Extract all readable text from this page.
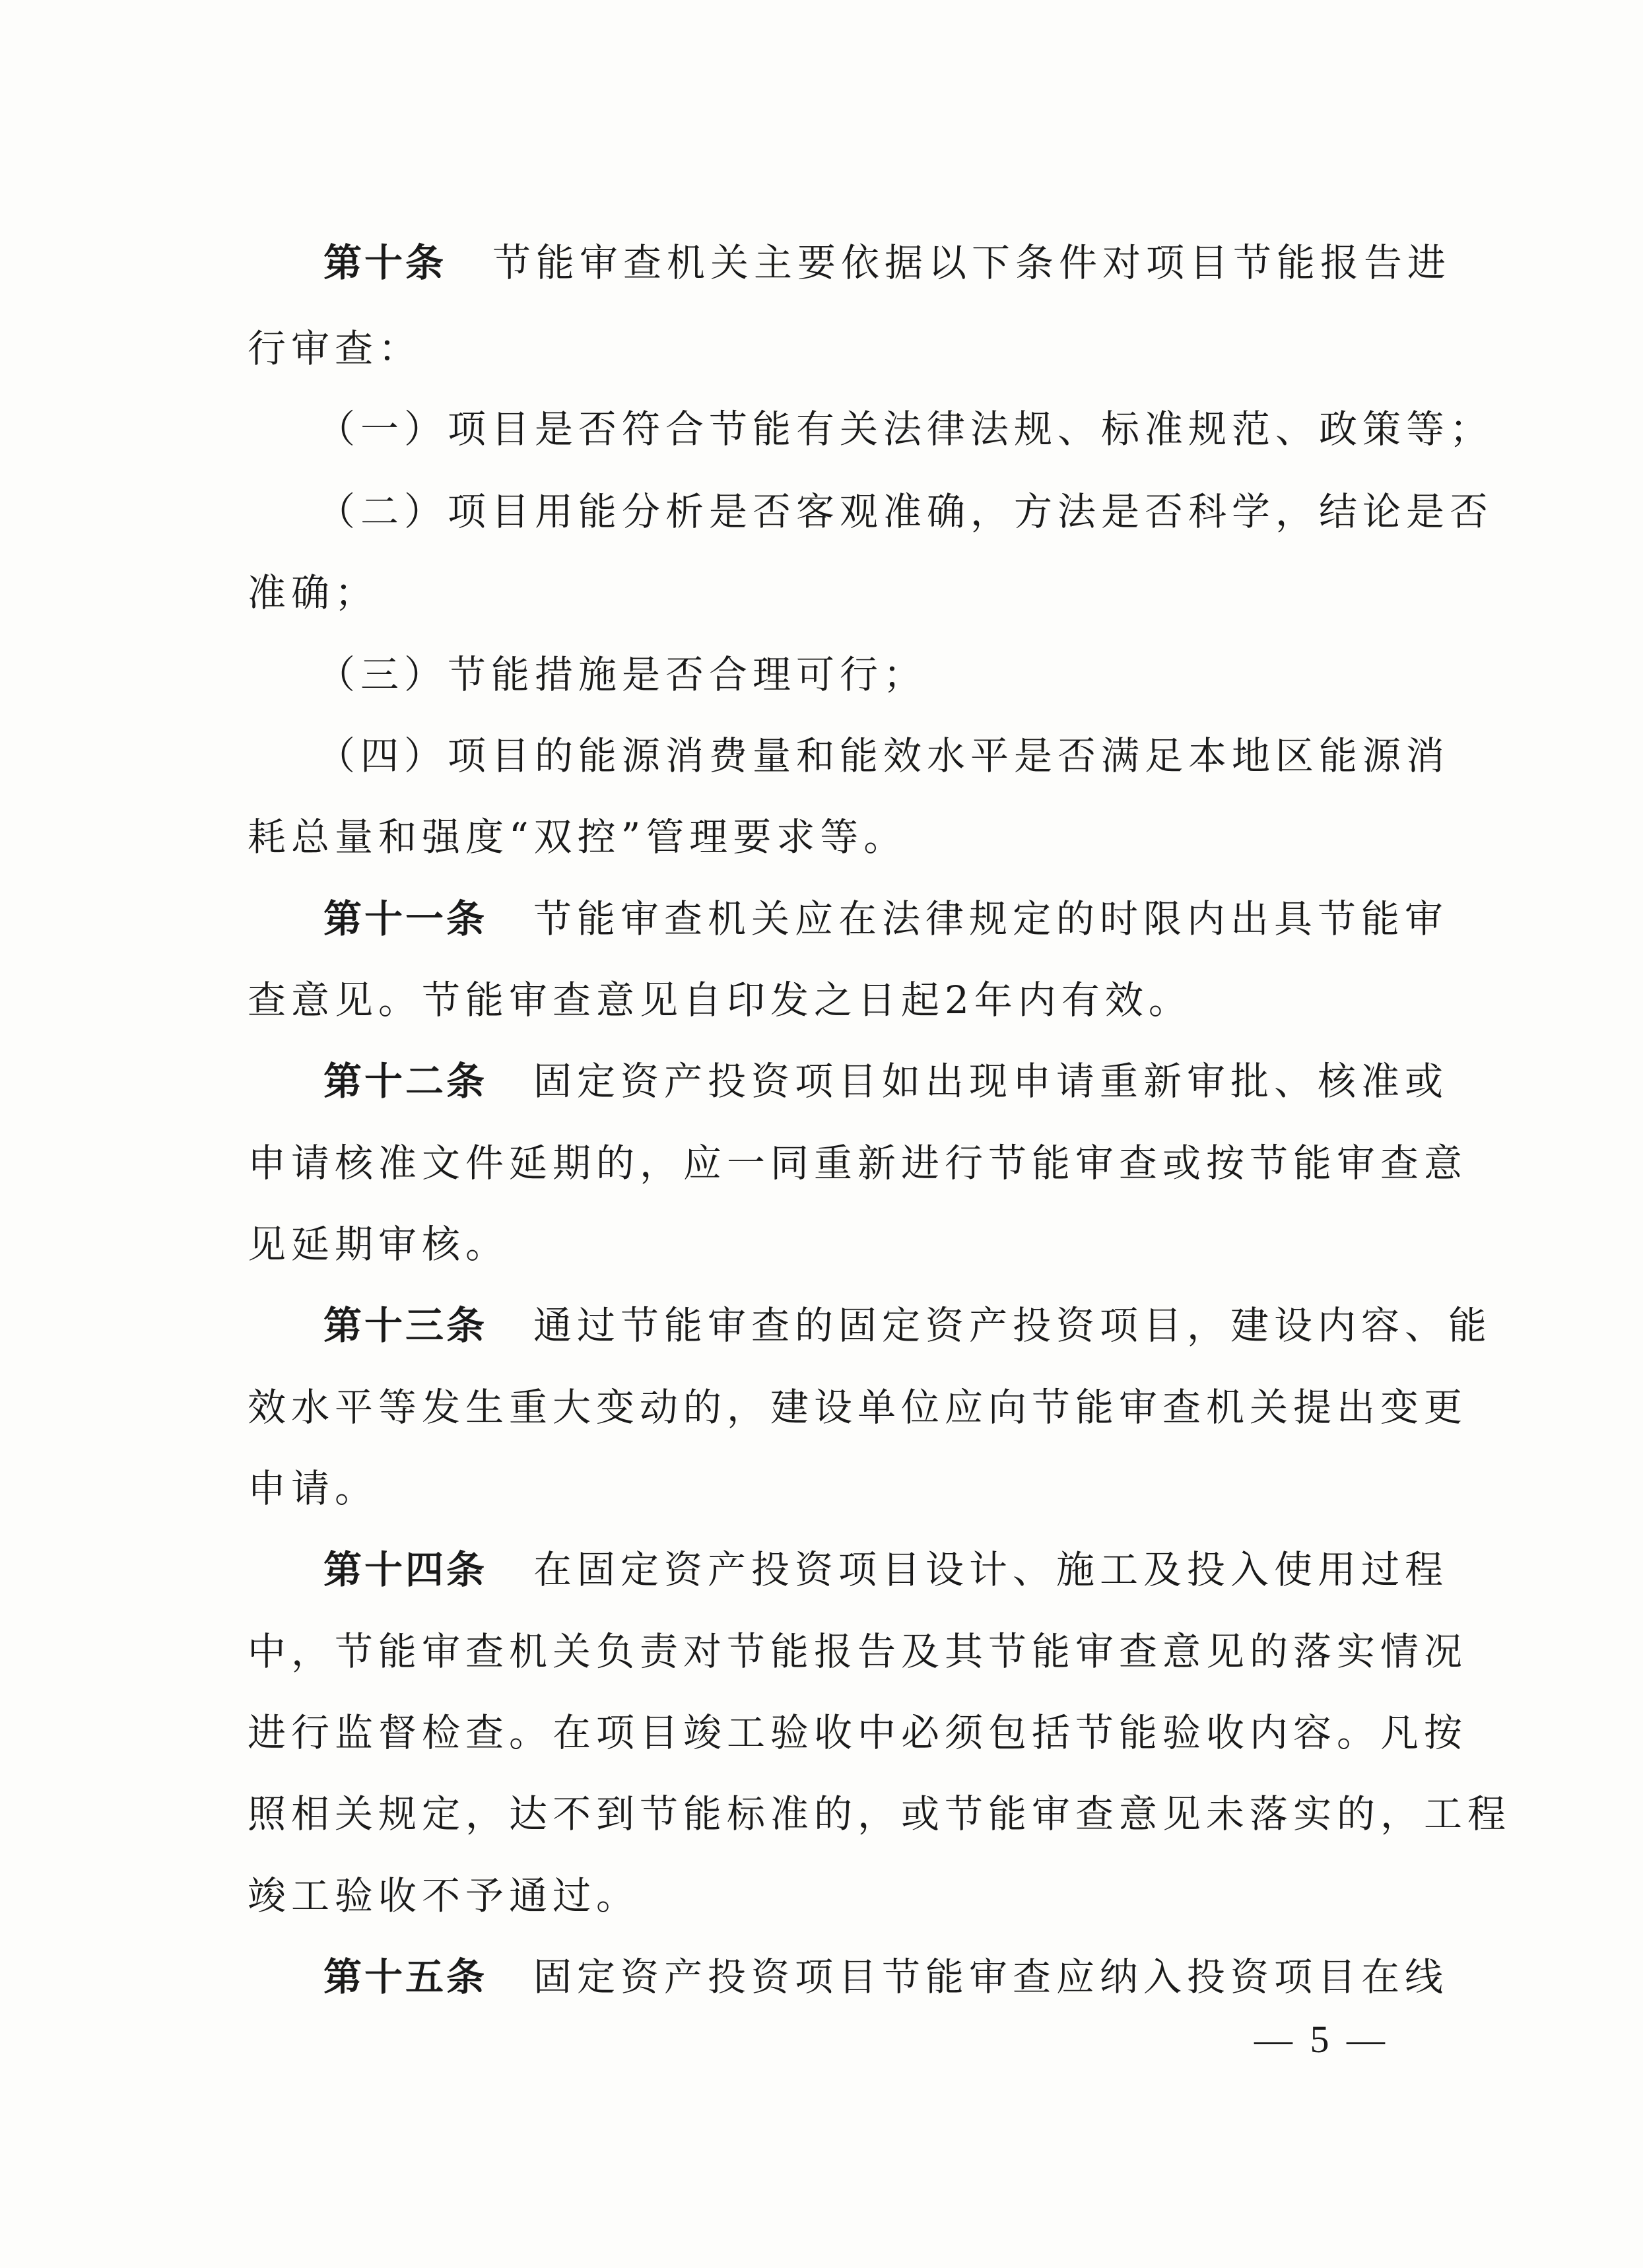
第十条 节能审查机关主要依据以下条件对项目节能报告进
行审查：
（一）项目是否符合节能有关法律法规、标准规范、政策等；
（二）项目用能分析是否客观准确，方法是否科学，结论是否
准确；
（三）节能措施是否合理可行；
（四）项目的能源消费量和能效水平是否满足本地区能源消
耗总量和强度“双控”管理要求等。
第十一条 节能审查机关应在法律规定的时限内出具节能审
查意见。节能审查意见自印发之日起2年内有效。
第十二条 固定资产投资项目如出现申请重新审批、核准或
申请核准文件延期的，应一同重新进行节能审查或按节能审查意
见延期审核。
第十三条 通过节能审查的固定资产投资项目，建设内容、能
效水平等发生重大变动的，建设单位应向节能审查机关提出变更
申请。
第十四条 在固定资产投资项目设计、施工及投入使用过程
中，节能审查机关负责对节能报告及其节能审查意见的落实情况
进行监督检查。在项目竣工验收中必须包括节能验收内容。凡按
照相关规定，达不到节能标准的，或节能审查意见未落实的，工程
竣工验收不予通过。
第十五条 固定资产投资项目节能审查应纳入投资项目在线
— 5 —
